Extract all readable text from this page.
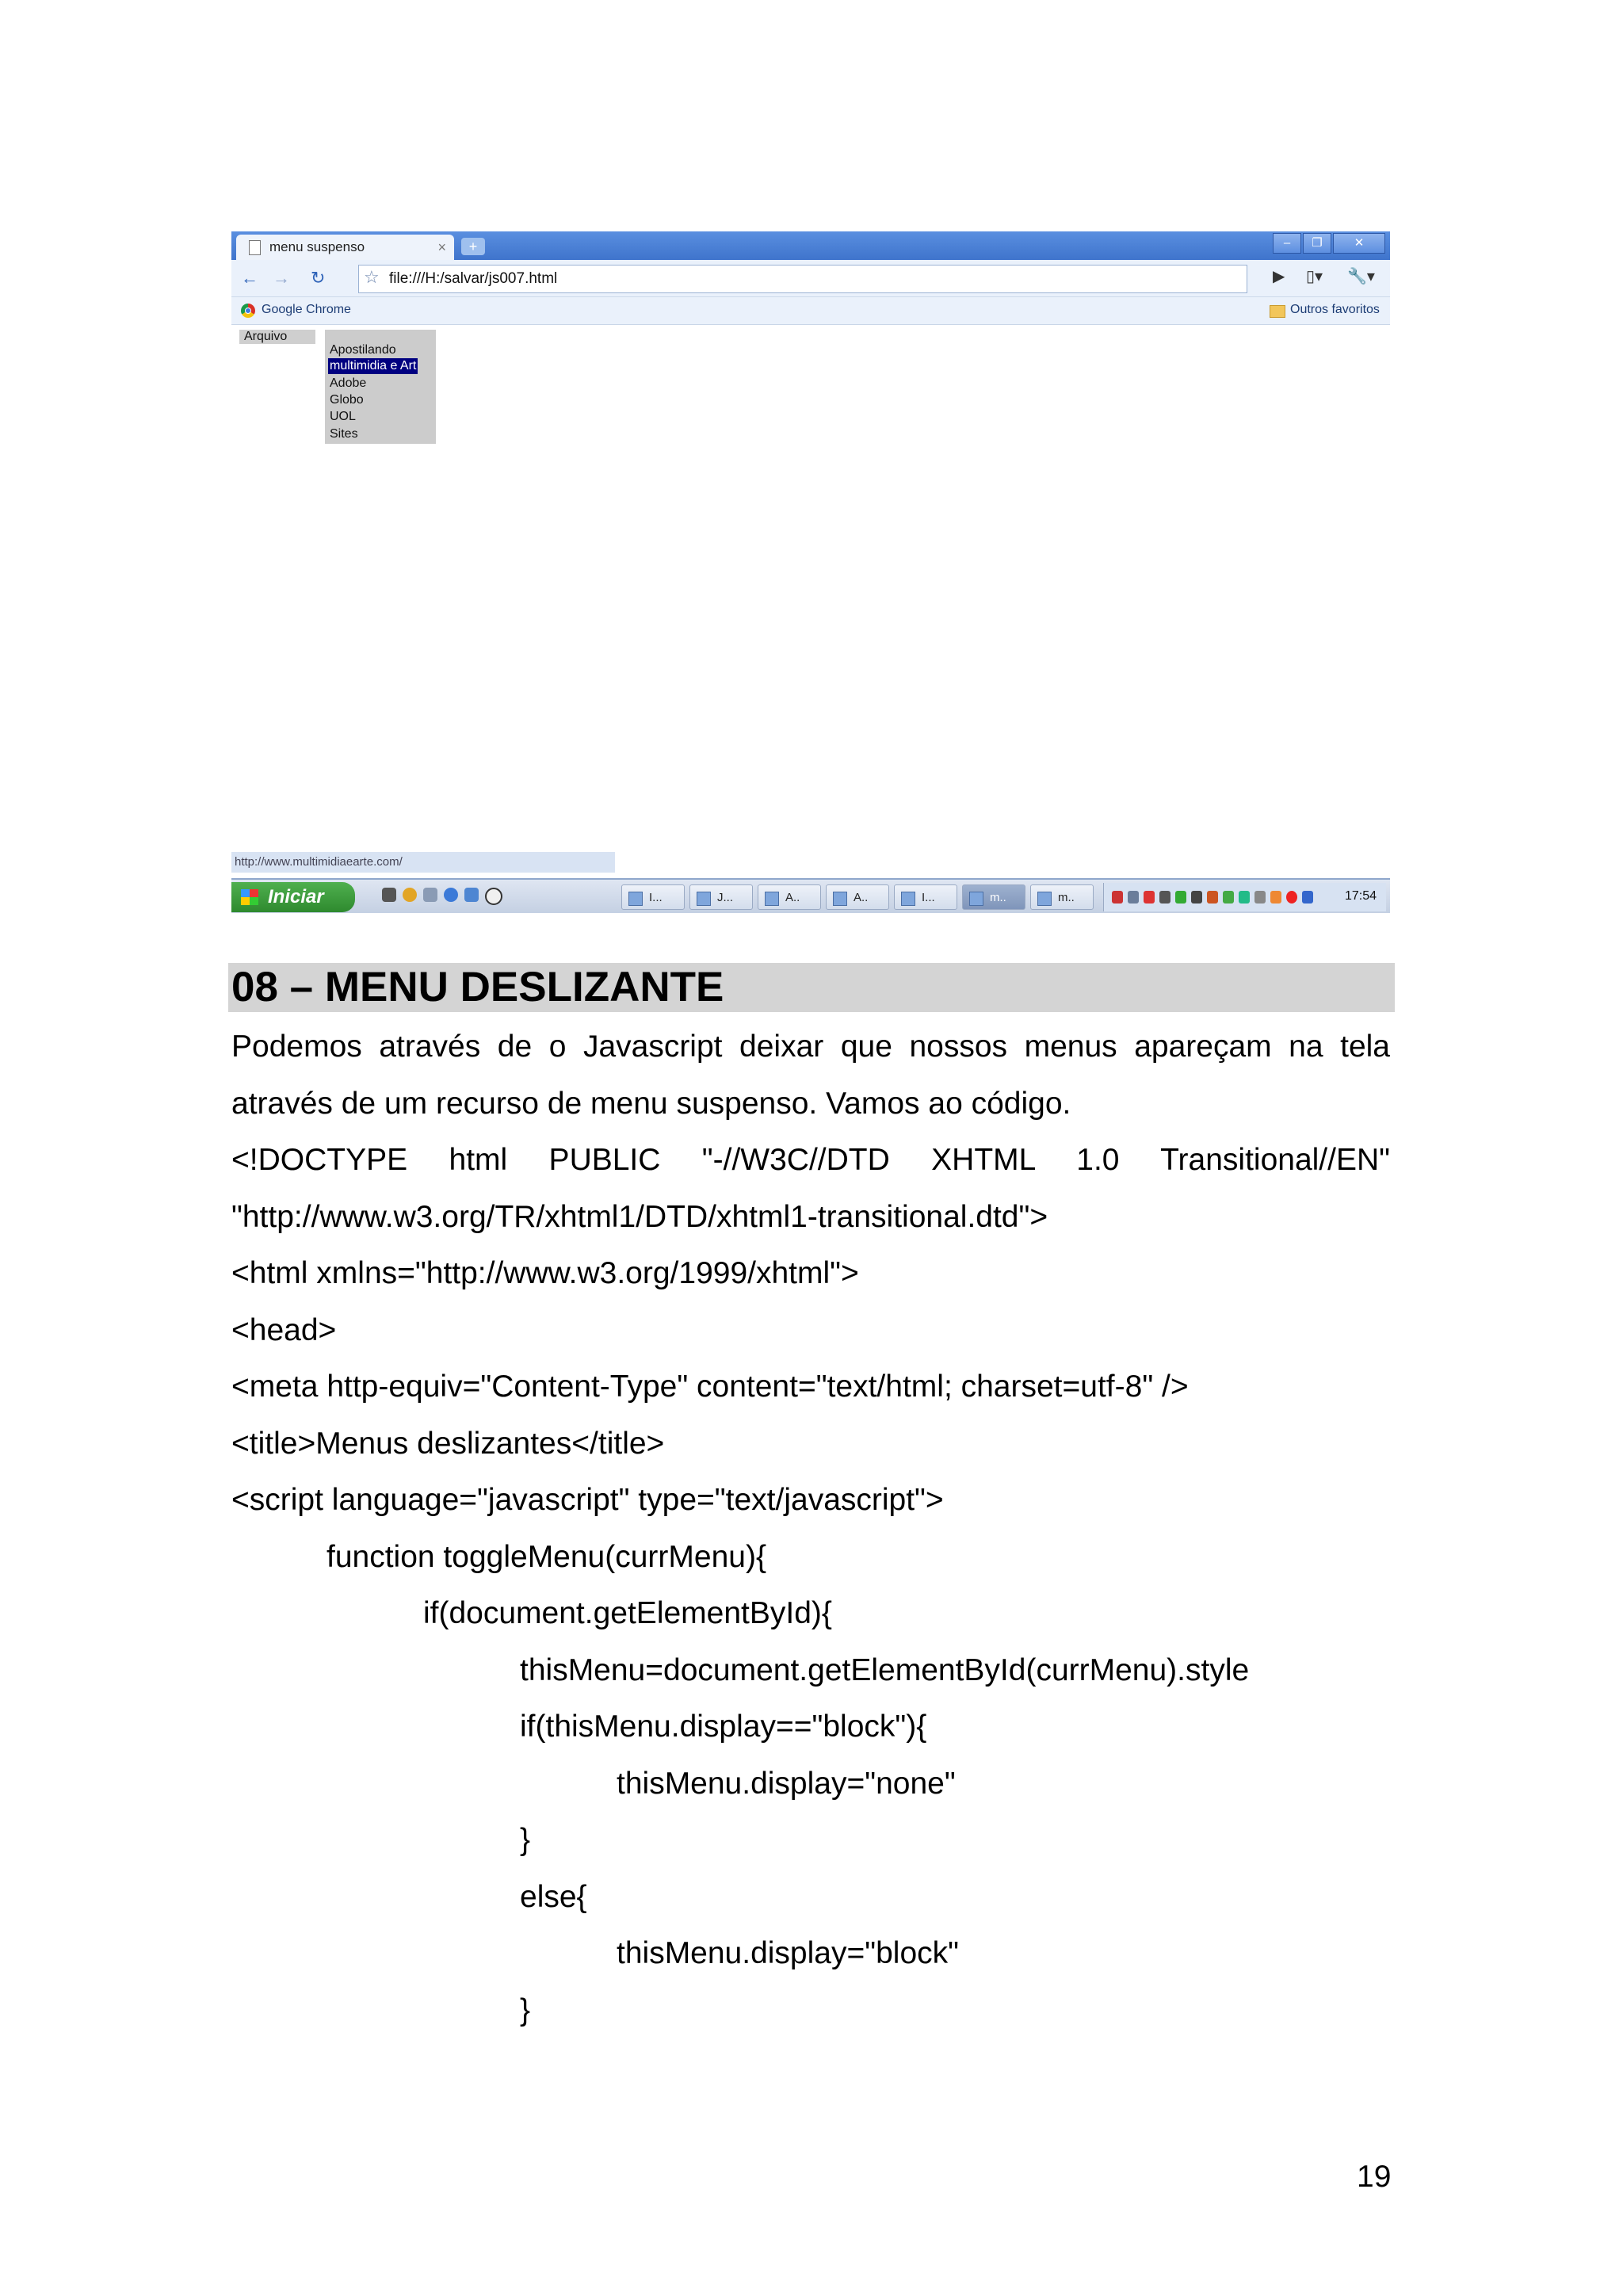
menu suspenso	×	+	–	❐	✕
← → ↻ ☆ file:///H:/salvar/js007.html	▶ ▯▾ 🔧▾
Google Chrome	Outros favoritos
Arquivo
Apostilando
multimidia e Art
Adobe
Globo
UOL
Sites
http://www.multimidiaearte.com/
Iniciar	I...	J...	A..	A..	I...	m..	m..	17:54
08 – MENU DESLIZANTE

Podemos através de o Javascript deixar que nossos menus apareçam na tela

através de um recurso de menu suspenso. Vamos ao código.

<!DOCTYPE html PUBLIC "-//W3C//DTD XHTML 1.0 Transitional//EN"
"http://www.w3.org/TR/xhtml1/DTD/xhtml1-transitional.dtd">
<html xmlns="http://www.w3.org/1999/xhtml">
<head>
<meta http-equiv="Content-Type" content="text/html; charset=utf-8" />
<title>Menus deslizantes</title>
<script language="javascript" type="text/javascript">
function toggleMenu(currMenu){
if(document.getElementById){
thisMenu=document.getElementById(currMenu).style
if(thisMenu.display=="block"){
thisMenu.display="none"
}
else{
thisMenu.display="block"
}
19
